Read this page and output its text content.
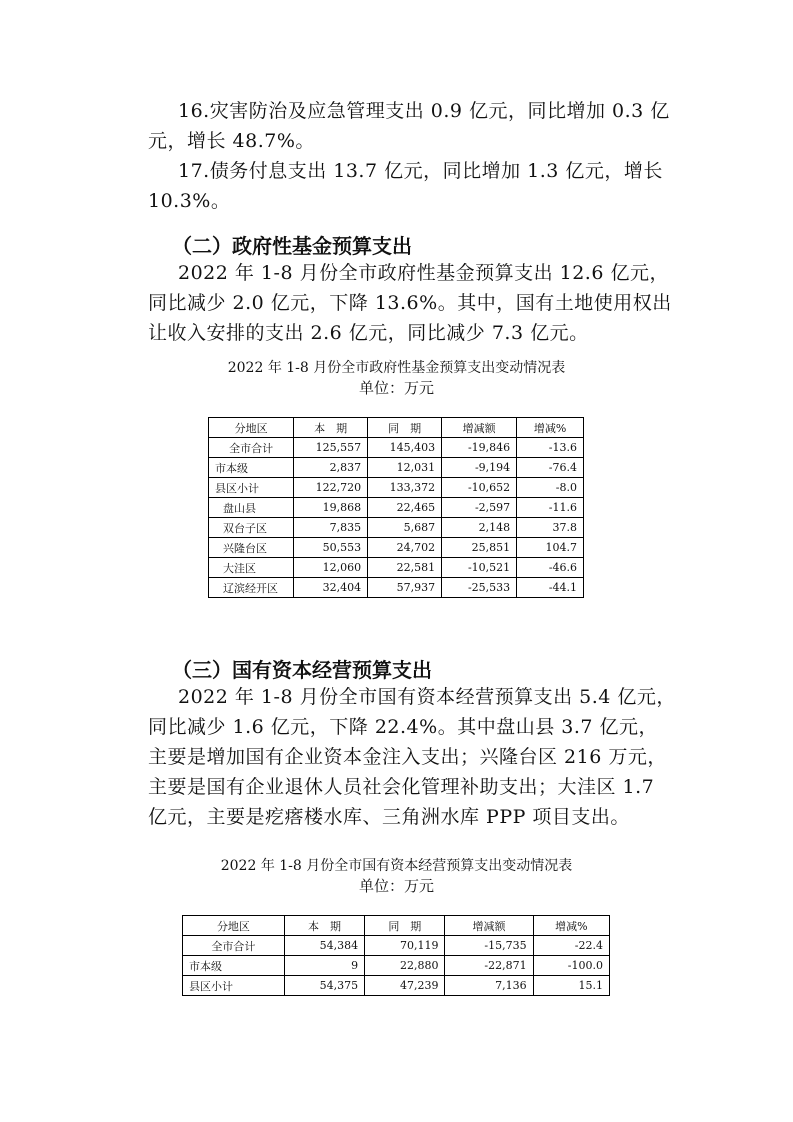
16.灾害防治及应急管理支出 0.9 亿元，同比增加 0.3 亿元，增长 48.7%。
17.债务付息支出 13.7 亿元，同比增加 1.3 亿元，增长 10.3%。
（二）政府性基金预算支出
2022 年 1-8 月份全市政府性基金预算支出 12.6 亿元，同比减少 2.0 亿元，下降 13.6%。其中，国有土地使用权出让收入安排的支出 2.6 亿元，同比减少 7.3 亿元。
2022 年 1-8 月份全市政府性基金预算支出变动情况表
单位：万元
分地区	本　期	同　期	增减额	增减%
全市合计	125,557	145,403	-19,846	-13.6
市本级	2,837	12,031	-9,194	-76.4
县区小计	122,720	133,372	-10,652	-8.0
盘山县	19,868	22,465	-2,597	-11.6
双台子区	7,835	5,687	2,148	37.8
兴隆台区	50,553	24,702	25,851	104.7
大洼区	12,060	22,581	-10,521	-46.6
辽滨经开区	32,404	57,937	-25,533	-44.1
（三）国有资本经营预算支出
2022 年 1-8 月份全市国有资本经营预算支出 5.4 亿元，同比减少 1.6 亿元，下降 22.4%。其中盘山县 3.7 亿元，主要是增加国有企业资本金注入支出；兴隆台区 216 万元，主要是国有企业退休人员社会化管理补助支出；大洼区 1.7 亿元，主要是疙瘩楼水库、三角洲水库 PPP 项目支出。
2022 年 1-8 月份全市国有资本经营预算支出变动情况表
单位：万元
分地区	本　期	同　期	增减额	增减%
全市合计	54,384	70,119	-15,735	-22.4
市本级	9	22,880	-22,871	-100.0
县区小计	54,375	47,239	7,136	15.1
